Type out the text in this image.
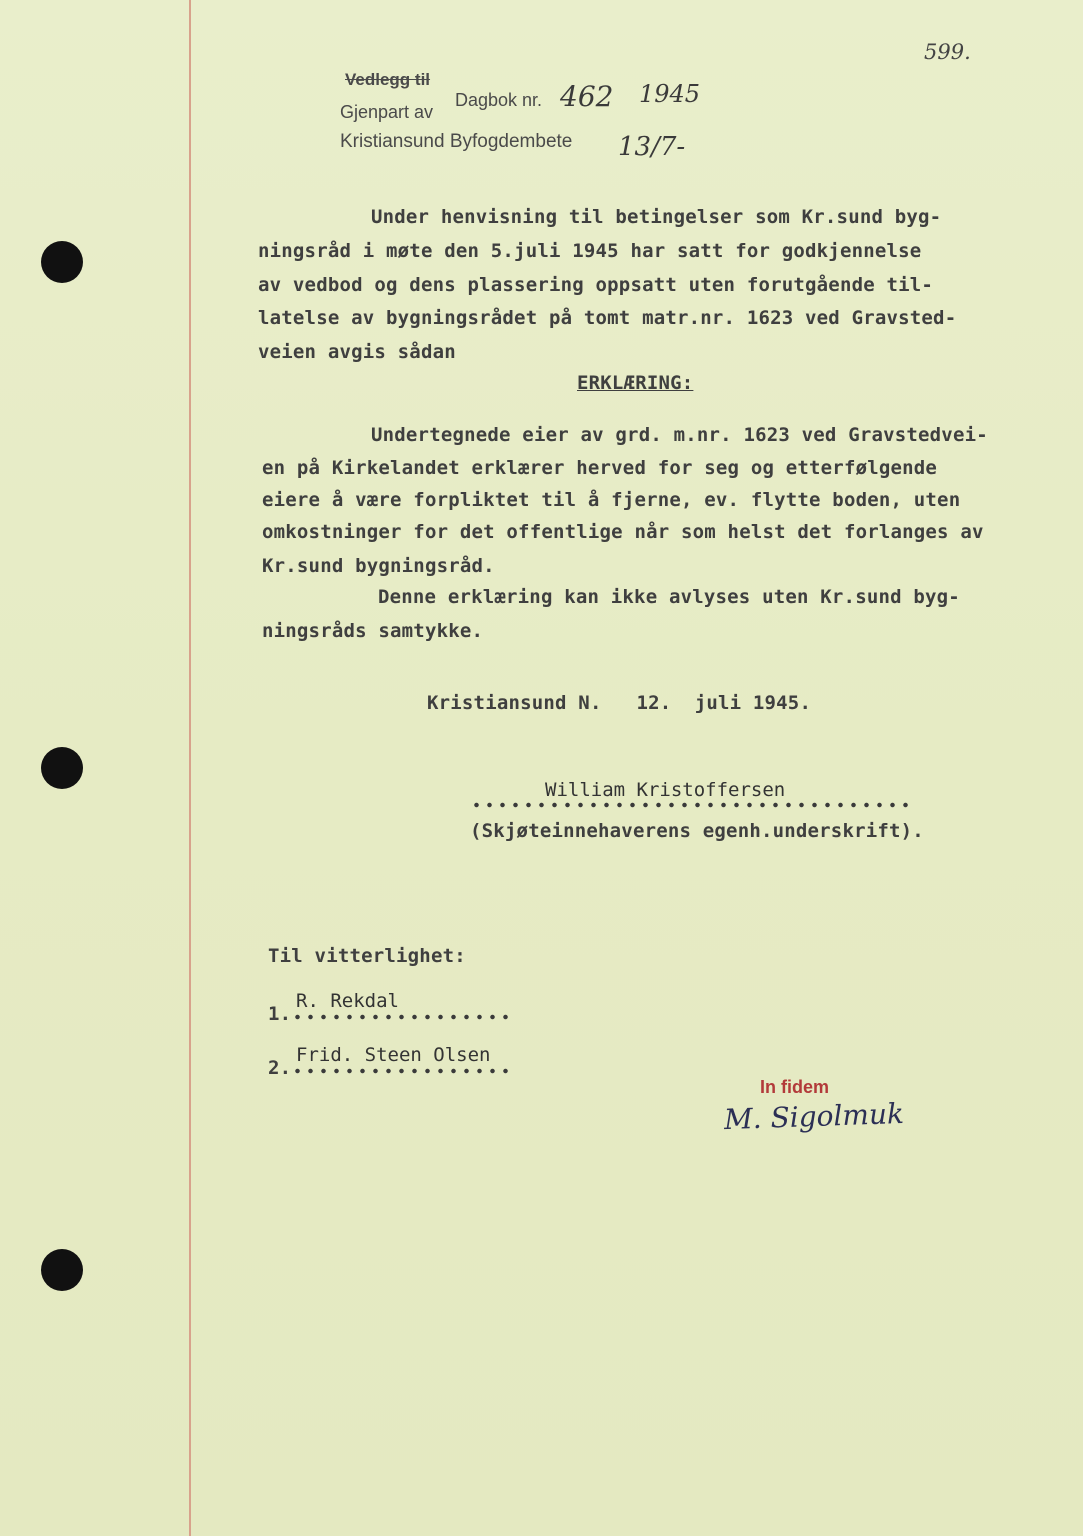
599.
Vedlegg til
Gjenpart av
Dagbok nr.
Kristiansund Byfogdembete
462 1945
13/7-
Under henvisning til betingelser som Kr.sund byg-
ningsråd i møte den 5.juli 1945 har satt for godkjennelse
av vedbod og dens plassering oppsatt uten forutgående til-
latelse av bygningsrådet på tomt matr.nr. 1623 ved Gravsted-
veien avgis sådan
ERKLÆRING:
Undertegnede eier av grd. m.nr. 1623 ved Gravstedvei-
en på Kirkelandet erklærer herved for seg og etterfølgende
eiere å være forpliktet til å fjerne, ev. flytte boden, uten
omkostninger for det offentlige når som helst det forlanges av
Kr.sund bygningsråd.
Denne erklæring kan ikke avlyses uten Kr.sund byg-
ningsråds samtykke.
Kristiansund N.   12.  juli 1945.
William Kristoffersen
(Skjøteinnehaverens egenh.underskrift).
Til vitterlighet:
1.
R. Rekdal
2.
Frid. Steen Olsen
In fidem
M. Sigolmuk
